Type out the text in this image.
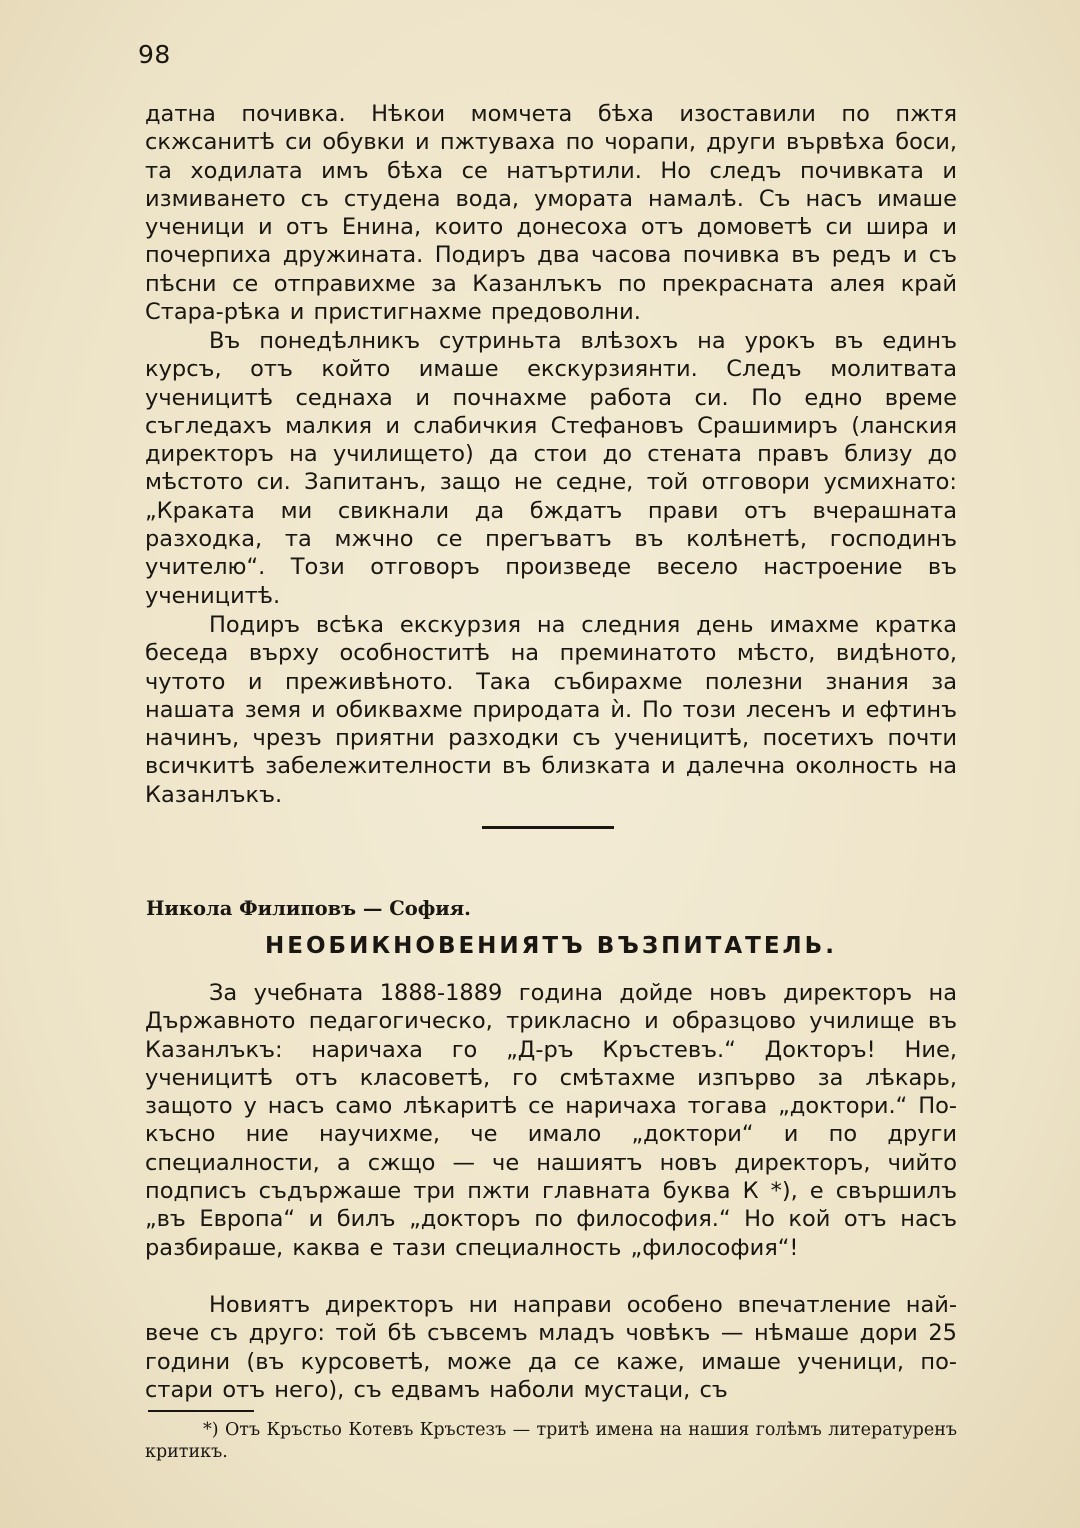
98

датна почивка. Нѣкои момчета бѣха изоставили по пжтя скжсанитѣ си обувки и пжтуваха по чорапи, други вървѣха боси, та ходилата имъ бѣха се натъртили. Но следъ почивката и измиването съ студена вода, умората намалѣ. Съ насъ имаше ученици и отъ Енина, които донесоха отъ домоветѣ си шира и почерпиха дружината. Подиръ два часова почивка въ редъ и съ пѣсни се отправихме за Казанлъкъ по прекрасната алея край Стара-рѣка и пристигнахме предоволни.

Въ понедѣлникъ сутриньта влѣзохъ на урокъ въ единъ курсъ, отъ който имаше екскурзиянти. Следъ молитвата ученицитѣ седнаха и почнахме работа си. По едно време съгледахъ малкия и слабичкия Стефановъ Срашимиръ (ланския директоръ на училището) да стои до стената правъ близу до мѣстото си. Запитанъ, защо не седне, той отговори усмихнато: „Краката ми свикнали да бждатъ прави отъ вчерашната разходка, та мжчно се прегъватъ въ колѣнетѣ, господинъ учителю“. Този отговоръ произведе весело настроение въ ученицитѣ.

Подиръ всѣка екскурзия на следния день имахме кратка беседа върху особноститѣ на преминатото мѣсто, видѣното, чутото и преживѣното. Така събирахме полезни знания за нашата земя и обиквахме природата ѝ. По този лесенъ и ефтинъ начинъ, чрезъ приятни разходки съ ученицитѣ, посетихъ почти всичкитѣ забележителности въ близката и далечна околность на Казанлъкъ.

Никола Филиповъ — София.
НЕОБИКНОВЕНИЯТЪ ВЪЗПИТАТЕЛЬ.

За учебната 1888-1889 година дойде новъ директоръ на Държавното педагогическо, трикласно и образцово училище въ Казанлъкъ: наричаха го „Д-ръ Кръстевъ.“ Докторъ! Ние, ученицитѣ отъ класоветѣ, го смѣтахме изпърво за лѣкарь, защото у насъ само лѣкаритѣ се наричаха тогава „доктори.“ По-късно ние научихме, че имало „доктори“ и по други специалности, а сжщо — че нашиятъ новъ директоръ, чийто подписъ съдържаше три пжти главната буква К *), е свършилъ „въ Европа“ и билъ „докторъ по философия.“ Но кой отъ насъ разбираше, каква е тази специалность „философия“!

Новиятъ директоръ ни направи особено впечатление най-вече съ друго: той бѣ съвсемъ младъ човѣкъ — нѣмаше дори 25 години (въ курсоветѣ, може да се каже, имаше ученици, по-стари отъ него), съ едвамъ наболи мустаци, съ

*) Отъ Кръстьо Котевъ Кръстезъ — тритѣ имена на нашия голѣмъ литературенъ критикъ.
